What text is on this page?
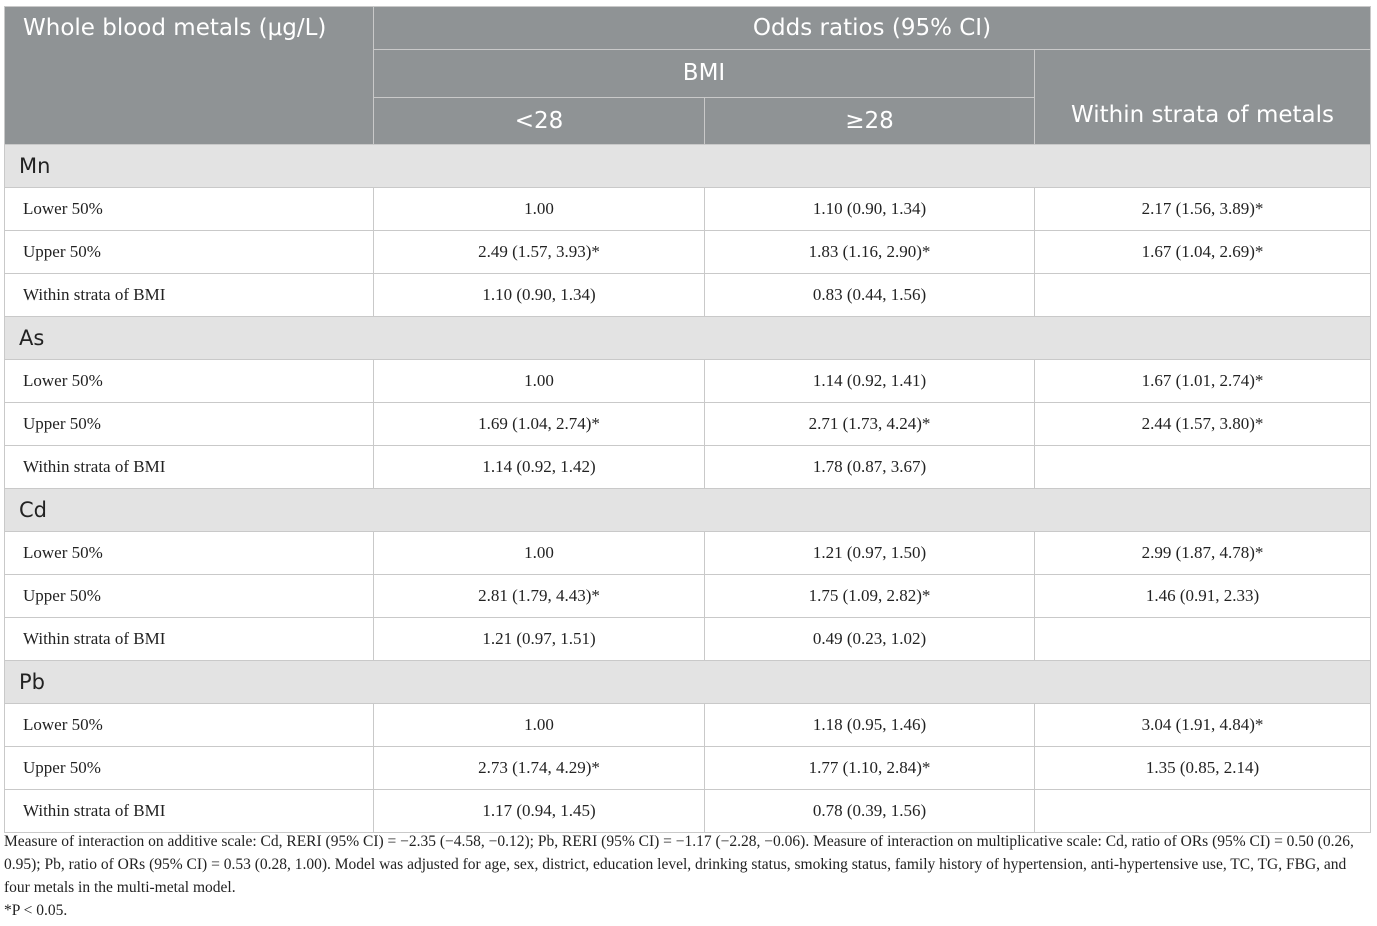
Whole blood metals (μg/L)	Odds ratios (95% CI)		
	BMI		Within strata of metals
	<28	≥28	
Mn			
Lower 50%	1.00	1.10 (0.90, 1.34)	2.17 (1.56, 3.89)*
Upper 50%	2.49 (1.57, 3.93)*	1.83 (1.16, 2.90)*	1.67 (1.04, 2.69)*
Within strata of BMI	1.10 (0.90, 1.34)	0.83 (0.44, 1.56)	
As			
Lower 50%	1.00	1.14 (0.92, 1.41)	1.67 (1.01, 2.74)*
Upper 50%	1.69 (1.04, 2.74)*	2.71 (1.73, 4.24)*	2.44 (1.57, 3.80)*
Within strata of BMI	1.14 (0.92, 1.42)	1.78 (0.87, 3.67)	
Cd			
Lower 50%	1.00	1.21 (0.97, 1.50)	2.99 (1.87, 4.78)*
Upper 50%	2.81 (1.79, 4.43)*	1.75 (1.09, 2.82)*	1.46 (0.91, 2.33)
Within strata of BMI	1.21 (0.97, 1.51)	0.49 (0.23, 1.02)	
Pb			
Lower 50%	1.00	1.18 (0.95, 1.46)	3.04 (1.91, 4.84)*
Upper 50%	2.73 (1.74, 4.29)*	1.77 (1.10, 2.84)*	1.35 (0.85, 2.14)
Within strata of BMI	1.17 (0.94, 1.45)	0.78 (0.39, 1.56)	

Measure of interaction on additive scale: Cd, RERI (95% CI) = −2.35 (−4.58, −0.12); Pb, RERI (95% CI) = −1.17 (−2.28, −0.06). Measure of interaction on multiplicative scale: Cd, ratio of ORs (95% CI) = 0.50 (0.26, 0.95); Pb, ratio of ORs (95% CI) = 0.53 (0.28, 1.00). Model was adjusted for age, sex, district, education level, drinking status, smoking status, family history of hypertension, anti-hypertensive use, TC, TG, FBG, and four metals in the multi-metal model.

*P < 0.05.
